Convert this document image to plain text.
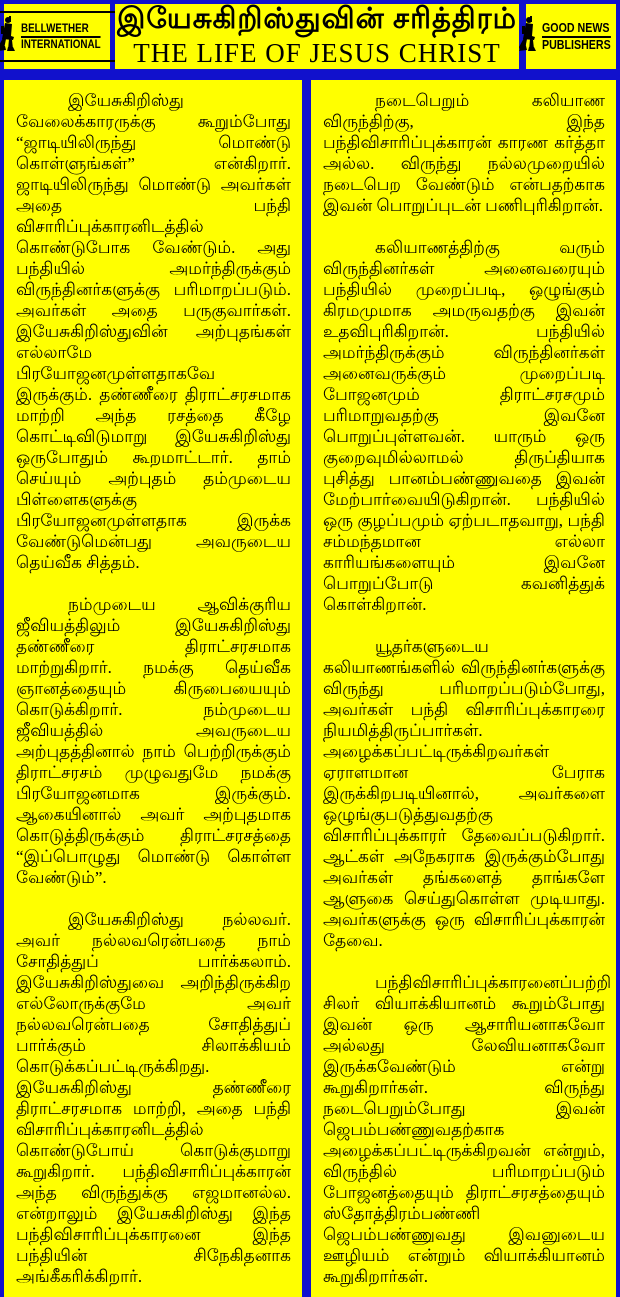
BELLWETHER
INTERNATIONAL
இயேசுகிறிஸ்துவின் சரித்திரம்
THE LIFE OF JESUS CHRIST
GOOD NEWS
PUBLISHERS

இயேசுகிறிஸ்து வேலைக்காரருக்கு கூறும்போது “ஜாடியிலிருந்து மொண்டு கொள்ளுங்கள்” என்கிறார். ஜாடியிலிருந்து மொண்டு அவர்கள் அதை பந்தி விசாரிப்புக்காரனிடத்தில் கொண்டுபோக வேண்டும். அது பந்தியில் அமர்ந்திருக்கும் விருந்தினர்களுக்கு பரிமாறப்படும். அவர்கள் அதை பருகுவார்கள். இயேசுகிறிஸ்துவின் அற்புதங்கள் எல்லாமே பிரயோஜனமுள்ளதாகவே இருக்கும். தண்ணீரை திராட்சரசமாக மாற்றி அந்த ரசத்தை கீழே கொட்டிவிடுமாறு இயேசுகிறிஸ்து ஒருபோதும் கூறமாட்டார். தாம் செய்யும் அற்புதம் தம்முடைய பிள்ளைகளுக்கு பிரயோஜனமுள்ளதாக இருக்க வேண்டுமென்பது அவருடைய தெய்வீக சித்தம்.

நம்முடைய ஆவிக்குரிய ஜீவியத்திலும் இயேசுகிறிஸ்து தண்ணீரை திராட்சரசமாக மாற்றுகிறார். நமக்கு தெய்வீக ஞானத்தையும் கிருபையையும் கொடுக்கிறார். நம்முடைய ஜீவியத்தில் அவருடைய அற்புதத்தினால் நாம் பெற்றிருக்கும் திராட்சரசம் முழுவதுமே நமக்கு பிரயோஜனமாக இருக்கும். ஆகையினால் அவர் அற்புதமாக கொடுத்திருக்கும் திராட்சரசத்தை “இப்பொழுது மொண்டு கொள்ள வேண்டும்”.

இயேசுகிறிஸ்து நல்லவர். அவர் நல்லவரென்பதை நாம் சோதித்துப் பார்க்கலாம். இயேசுகிறிஸ்துவை அறிந்திருக்கிற எல்லோருக்குமே அவர் நல்லவரென்பதை சோதித்துப் பார்க்கும் சிலாக்கியம் கொடுக்கப்பட்டிருக்கிறது. இயேசுகிறிஸ்து தண்ணீரை திராட்சரசமாக மாற்றி, அதை பந்தி விசாரிப்புக்காரனிடத்தில் கொண்டுபோய் கொடுக்குமாறு கூறுகிறார். பந்திவிசாரிப்புக்காரன் அந்த விருந்துக்கு எஜமானல்ல. என்றாலும் இயேசுகிறிஸ்து இந்த பந்திவிசாரிப்புக்காரனை இந்த பந்தியின் சிநேகிதனாக அங்கீகரிக்கிறார்.

நடைபெறும் கலியாண விருந்திற்கு, இந்த பந்திவிசாரிப்புக்காரன் காரண கர்த்தா அல்ல. விருந்து நல்லமுறையில் நடைபெற வேண்டும் என்பதற்காக இவன் பொறுப்புடன் பணிபுரிகிறான்.

கலியாணத்திற்கு வரும் விருந்தினர்கள் அனைவரையும் பந்தியில் முறைப்படி, ஒழுங்கும் கிரமமுமாக அமருவதற்கு இவன் உதவிபுரிகிறான். பந்தியில் அமர்ந்திருக்கும் விருந்தினர்கள் அனைவருக்கும் முறைப்படி போஜனமும் திராட்சரசமும் பரிமாறுவதற்கு இவனே பொறுப்புள்ளவன். யாரும் ஒரு குறைவுமில்லாமல் திருப்தியாக புசித்து பானம்பண்ணுவதை இவன் மேற்பார்வையிடுகிறான். பந்தியில் ஒரு குழப்பமும் ஏற்படாதவாறு, பந்தி சம்மந்தமான எல்லா காரியங்களையும் இவனே பொறுப்போடு கவனித்துக் கொள்கிறான்.

யூதர்களுடைய கலியாணங்களில் விருந்தினர்களுக்கு விருந்து பரிமாறப்படும்போது, அவர்கள் பந்தி விசாரிப்புக்காரரை நியமித்திருப்பார்கள். அழைக்கப்பட்டிருக்கிறவர்கள் ஏராளமான பேராக இருக்கிறபடியினால், அவர்களை ஒழுங்குபடுத்துவதற்கு விசாரிப்புக்காரர் தேவைப்படுகிறார். ஆட்கள் அநேகராக இருக்கும்போது அவர்கள் தங்களைத் தாங்களே ஆளுகை செய்துகொள்ள முடியாது. அவர்களுக்கு ஒரு விசாரிப்புக்காரன் தேவை.

பந்திவிசாரிப்புக்காரனைப்பற்றி சிலர் வியாக்கியானம் கூறும்போது இவன் ஒரு ஆசாரியனாகவோ அல்லது லேவியனாகவோ இருக்கவேண்டும் என்று கூறுகிறார்கள். விருந்து நடைபெறும்போது இவன் ஜெபம்பண்ணுவதற்காக அழைக்கப்பட்டிருக்கிறவன் என்றும், விருந்தில் பரிமாறப்படும் போஜனத்தையும் திராட்சரசத்தையும் ஸ்தோத்திரம்பண்ணி ஜெபம்பண்ணுவது இவனுடைய ஊழியம் என்றும் வியாக்கியானம் கூறுகிறார்கள்.
